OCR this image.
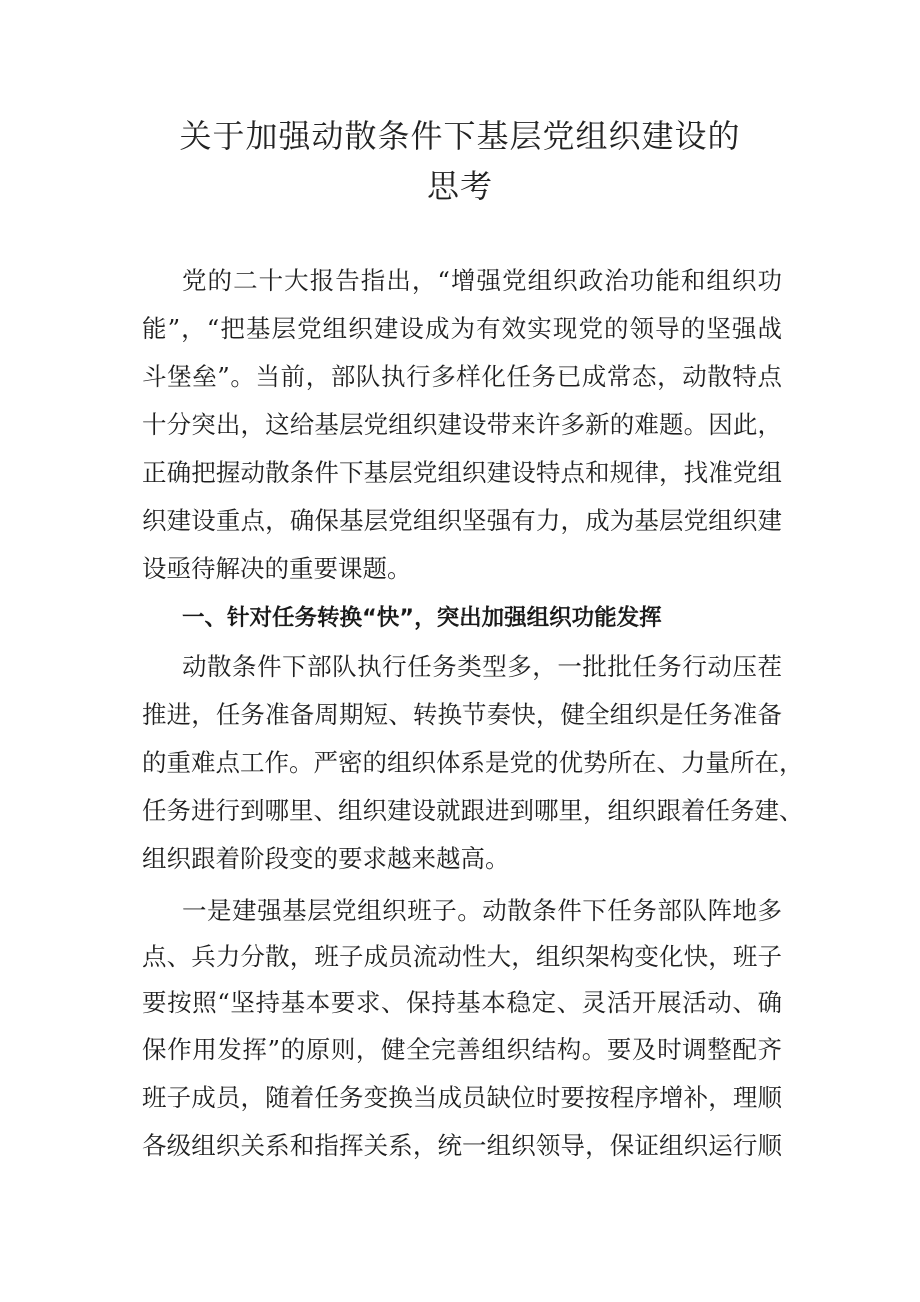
关于加强动散条件下基层党组织建设的
思考
党的二十大报告指出，“增强党组织政治功能和组织功
能”，“把基层党组织建设成为有效实现党的领导的坚强战
斗堡垒”。当前，部队执行多样化任务已成常态，动散特点
十分突出，这给基层党组织建设带来许多新的难题。因此，
正确把握动散条件下基层党组织建设特点和规律，找准党组
织建设重点，确保基层党组织坚强有力，成为基层党组织建
设亟待解决的重要课题。
一、针对任务转换“快”，突出加强组织功能发挥
动散条件下部队执行任务类型多，一批批任务行动压茬
推进，任务准备周期短、转换节奏快，健全组织是任务准备
的重难点工作。严密的组织体系是党的优势所在、力量所在，
任务进行到哪里、组织建设就跟进到哪里，组织跟着任务建、
组织跟着阶段变的要求越来越高。
一是建强基层党组织班子。动散条件下任务部队阵地多
点、兵力分散，班子成员流动性大，组织架构变化快，班子
要按照“坚持基本要求、保持基本稳定、灵活开展活动、确
保作用发挥”的原则，健全完善组织结构。要及时调整配齐
班子成员，随着任务变换当成员缺位时要按程序增补，理顺
各级组织关系和指挥关系，统一组织领导，保证组织运行顺
